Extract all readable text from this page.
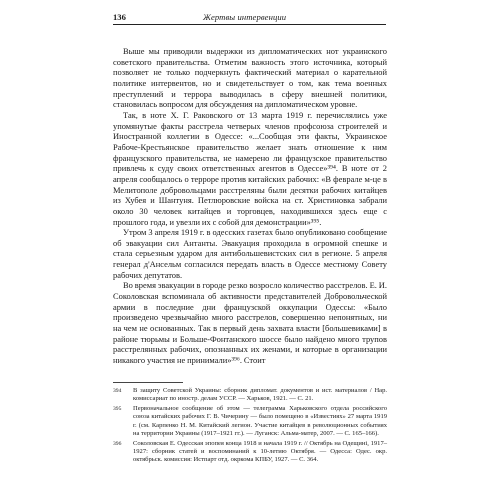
136	Жертвы интервенции

Выше мы приводили выдержки из дипломатических нот украинского советского правительства. Отметим важность этого источника, который позволяет не только подчеркнуть фактический материал о карательной политике интервентов, но и свидетельствует о том, как тема военных преступлений и террора выводилась в сферу внешней политики, становилась вопросом для обсуждения на дипломатическом уровне.

Так, в ноте Х. Г. Раковского от 13 марта 1919 г. перечислялись уже упомянутые факты расстрела четверых членов профсоюза строителей и Иностранной коллегии в Одессе: «...Сообщая эти факты, Украинское Рабоче-Крестьянское правительство желает знать отношение к ним французского правительства, не намерено ли французское правительство привлечь к суду своих ответственных агентов в Одессе»³⁹⁴. В ноте от 2 апреля сообщалось о терроре против китайских рабочих: «В феврале м-це в Мелитополе добровольцами расстреляны были десятки рабочих китайцев из Хубея и Шантуня. Петлюровские войска на ст. Христиновка забрали около 30 человек китайцев и торговцев, находившихся здесь еще с прошлого года, и увезли их с собой для демонстрации»³⁹⁵.

Утром 3 апреля 1919 г. в одесских газетах было опубликовано сообщение об эвакуации сил Антанты. Эвакуация проходила в огромной спешке и стала серьезным ударом для антибольшевистских сил в регионе. 5 апреля генерал д'Ансельм согласился передать власть в Одессе местному Совету рабочих депутатов.

Во время эвакуации в городе резко возросло количество расстрелов. Е. И. Соколовская вспоминала об активности представителей Добровольческой армии в последние дни французской оккупации Одессы: «Было произведено чрезвычайно много расстрелов, совершенно непонятных, ни на чем не основанных. Так в первый день захвата власти [большевиками] в районе тюрьмы и Больше-Фонтанского шоссе было найдено много трупов расстрелянных рабочих, опознанных их женами, и которые в организации никакого участия не принимали»³⁹⁶. Стоит

394 В защиту Советской Украины: сборник дипломат. документов и ист. материалов / Нар. комиссариат по иностр. делам УССР. — Харьков, 1921. — С. 21.

395 Первоначальное сообщение об этом — телеграмма Харьковского отдела российского союза китайских рабочих Г. В. Чичерину — было помещено в «Известиях» 27 марта 1919 г. (см. Карпенко Н. М. Китайский легион. Участие китайцев в революционных событиях на территории Украины (1917–1921 гг.). — Луганск: Альма-матер, 2007. — С. 165–166).

396 Соколовская Е. Одесская эпопея конца 1918 и начала 1919 г. // Октябрь на Одещині, 1917–1927: сборник статей и воспоминаний к 10-летию Октября. — Одесса: Одес. окр. октябрьск. комиссия: Истпарт отд. окркома КПБУ, 1927. — С. 364.
